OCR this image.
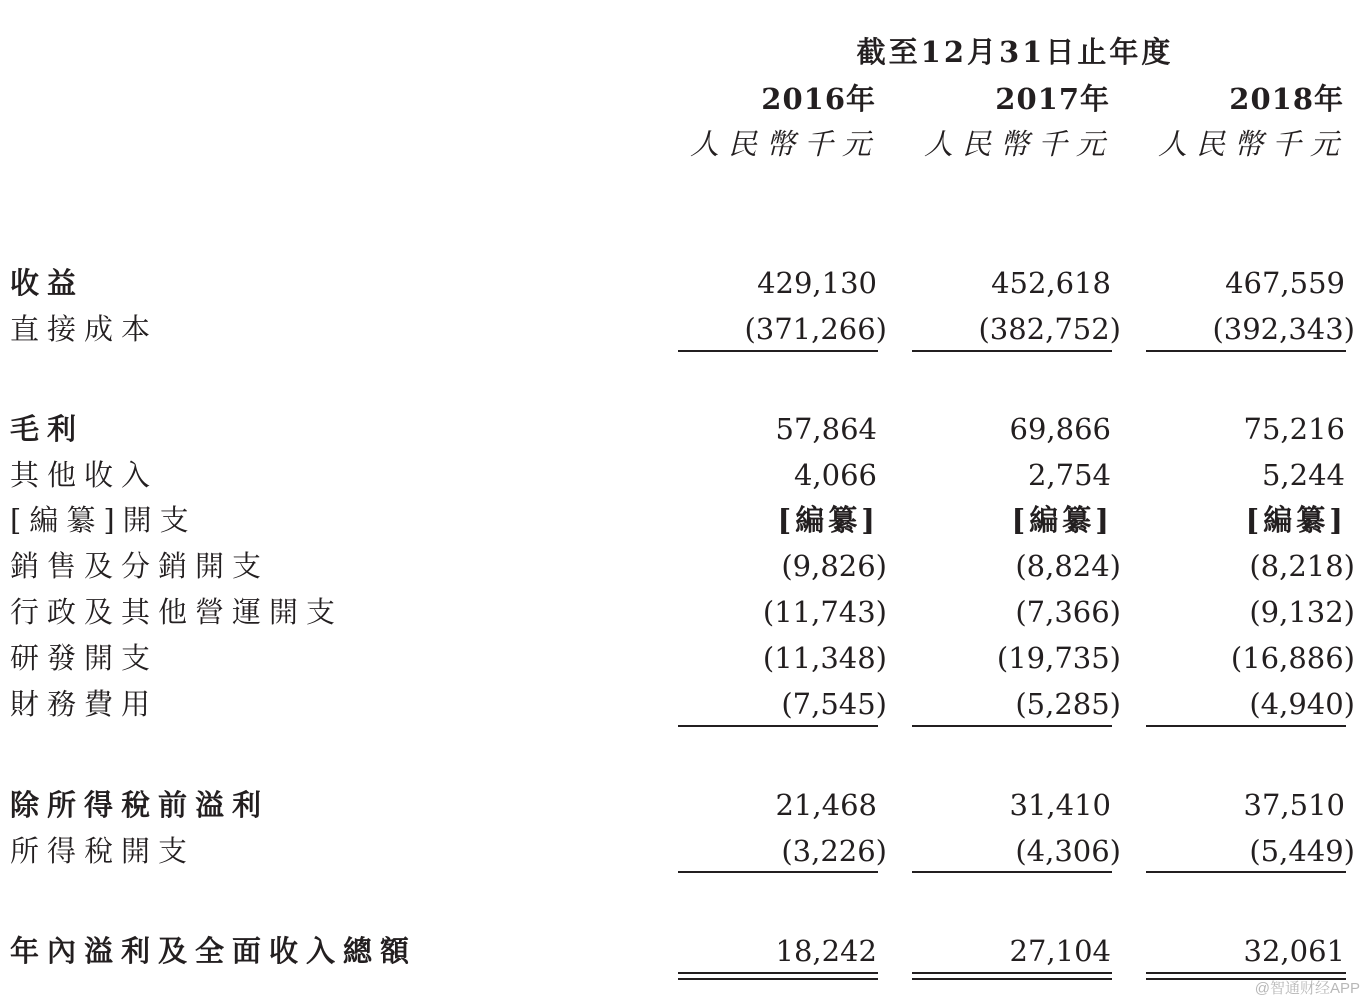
截至12月31日止年度
2016年	2017年	2018年
人民幣千元	人民幣千元	人民幣千元
收益	429,130	452,618	467,559
直接成本	(371,266)	(382,752)	(392,343)
毛利	57,864	69,866	75,216
其他收入	4,066	2,754	5,244
[編纂]開支	[編纂]	[編纂]	[編纂]
銷售及分銷開支	(9,826)	(8,824)	(8,218)
行政及其他營運開支	(11,743)	(7,366)	(9,132)
研發開支	(11,348)	(19,735)	(16,886)
財務費用	(7,545)	(5,285)	(4,940)
除所得稅前溢利	21,468	31,410	37,510
所得稅開支	(3,226)	(4,306)	(5,449)
年內溢利及全面收入總額	18,242	27,104	32,061
@智通财经APP
